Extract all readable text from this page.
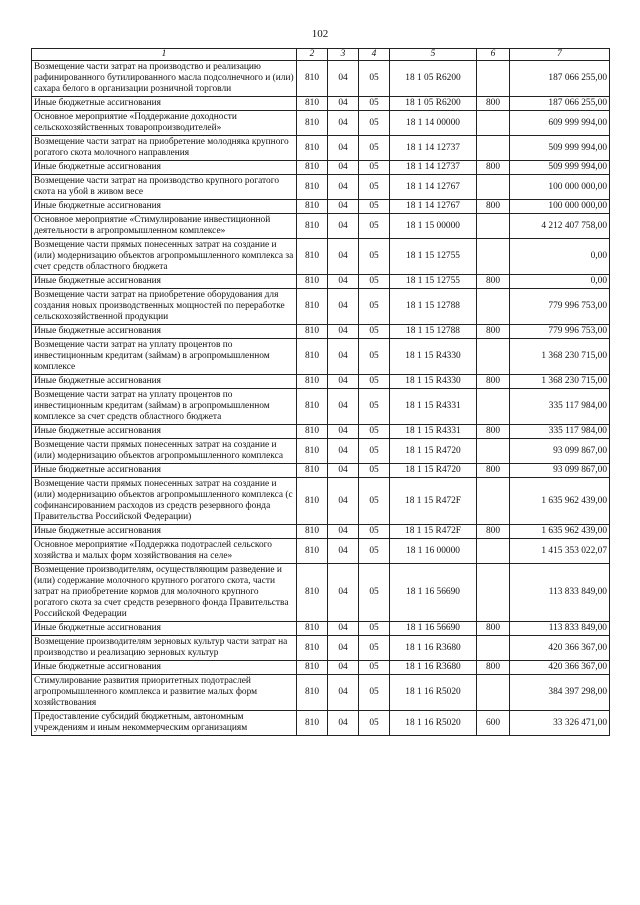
102
1	2	3	4	5	6	7
Возмещение части затрат на производство и реализацию рафинированного бутилированного масла подсолнечного и (или) сахара белого в организации розничной торговли	810	04	05	18 1 05 R6200		187 066 255,00
Иные бюджетные ассигнования	810	04	05	18 1 05 R6200	800	187 066 255,00
Основное мероприятие «Поддержание доходности сельскохозяйственных товаропроизводителей»	810	04	05	18 1 14 00000		609 999 994,00
Возмещение части затрат на приобретение молодняка крупного рогатого скота молочного направления	810	04	05	18 1 14 12737		509 999 994,00
Иные бюджетные ассигнования	810	04	05	18 1 14 12737	800	509 999 994,00
Возмещение части затрат на производство крупного рогатого скота на убой в живом весе	810	04	05	18 1 14 12767		100 000 000,00
Иные бюджетные ассигнования	810	04	05	18 1 14 12767	800	100 000 000,00
Основное мероприятие «Стимулирование инвестиционной деятельности в агропромышленном комплексе»	810	04	05	18 1 15 00000		4 212 407 758,00
Возмещение части прямых понесенных затрат на создание и (или) модернизацию объектов агропромышленного комплекса за счет средств областного бюджета	810	04	05	18 1 15 12755		0,00
Иные бюджетные ассигнования	810	04	05	18 1 15 12755	800	0,00
Возмещение части затрат на приобретение оборудования для создания новых производственных мощностей по переработке сельскохозяйственной продукции	810	04	05	18 1 15 12788		779 996 753,00
Иные бюджетные ассигнования	810	04	05	18 1 15 12788	800	779 996 753,00
Возмещение части затрат на уплату процентов по инвестиционным кредитам (займам) в агропромышленном комплексе	810	04	05	18 1 15 R4330		1 368 230 715,00
Иные бюджетные ассигнования	810	04	05	18 1 15 R4330	800	1 368 230 715,00
Возмещение части затрат на уплату процентов по инвестиционным кредитам (займам) в агропромышленном комплексе за счет средств областного бюджета	810	04	05	18 1 15 R4331		335 117 984,00
Иные бюджетные ассигнования	810	04	05	18 1 15 R4331	800	335 117 984,00
Возмещение части прямых понесенных затрат на создание и (или) модернизацию объектов агропромышленного комплекса	810	04	05	18 1 15 R4720		93 099 867,00
Иные бюджетные ассигнования	810	04	05	18 1 15 R4720	800	93 099 867,00
Возмещение части прямых понесенных затрат на создание и (или) модернизацию объектов агропромышленного комплекса (с софинансированием расходов из средств резервного фонда Правительства Российской Федерации)	810	04	05	18 1 15 R472F		1 635 962 439,00
Иные бюджетные ассигнования	810	04	05	18 1 15 R472F	800	1 635 962 439,00
Основное мероприятие «Поддержка подотраслей сельского хозяйства и малых форм хозяйствования на селе»	810	04	05	18 1 16 00000		1 415 353 022,07
Возмещение производителям, осуществляющим разведение и (или) содержание молочного крупного рогатого скота, части затрат на приобретение кормов для молочного крупного рогатого скота за счет средств резервного фонда Правительства Российской Федерации	810	04	05	18 1 16 56690		113 833 849,00
Иные бюджетные ассигнования	810	04	05	18 1 16 56690	800	113 833 849,00
Возмещение производителям зерновых культур части затрат на производство и реализацию зерновых культур	810	04	05	18 1 16 R3680		420 366 367,00
Иные бюджетные ассигнования	810	04	05	18 1 16 R3680	800	420 366 367,00
Стимулирование развития приоритетных подотраслей агропромышленного комплекса и развитие малых форм хозяйствования	810	04	05	18 1 16 R5020		384 397 298,00
Предоставление субсидий бюджетным, автономным учреждениям и иным некоммерческим организациям	810	04	05	18 1 16 R5020	600	33 326 471,00
